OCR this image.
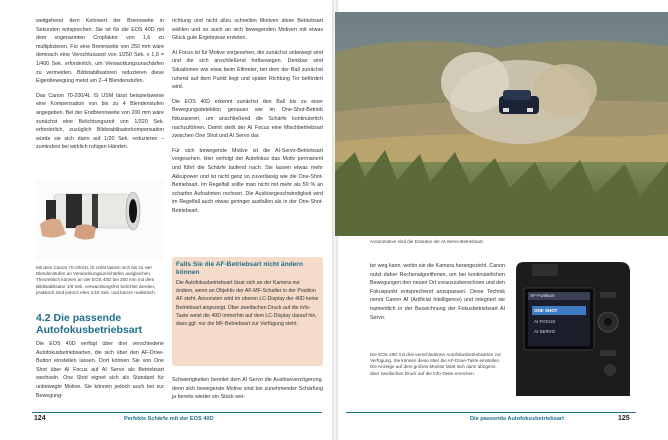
weitgehend dem Kehrwert der Brennweite in Sekunden entsprechen. Sie ist für die EOS 40D mit dem sogenannten Cropfaktor von 1,6 zu multiplizieren. Für eine Brennweite von 250 mm wäre demnach eine Verschlusszeit von 1/250 Sek. x 1,6 = 1/400 Sek. erforderlich, um Verwacklungsunschärfen zu vermeiden. Bildstabilisatoren reduzieren diese Eigenbewegung meist um 2–4 Blendenstufen.

Das Canon 70-200/4L IS USM lässt beispielsweise eine Kompensation von bis zu 4 Blendenstufen angegeben. Bei der Endbrennweite von 200 mm wäre zunächst eine Belichtungszeit von 1/320 Sek. erforderlich, zuzüglich Bildstabilisatorkompensation würde sie sich dann auf 1/20 Sek. reduzieren – zumindest bei wirklich ruhigen Händen.

Mit dem Canon 70-200/4L IS USM lassen sich bis zu vier Blendenstufen an Verwacklungsunschärfen ausgleichen. Theoretisch können an der EOS 40D bei 200 mm mit dem Bildstabilisator 1/8 Sek. verwacklungsfrei belichtet werden, praktisch sind jedoch eher 1/15 Sek. und kürzer realistisch.
4.2 Die passende Autofokusbetriebsart
Die EOS 40D verfügt über drei verschiedene Autofokusbetriebsarten, die sich über den AF-Drive-Button einstellen lassen. Dort können Sie von One Shot über AI Focus auf AI Servo als Betriebsart wechseln. One Shot eignet sich als Standard für unbewegte Motive. Sie können jedoch auch bei zur Bewegung-

richtung und nicht allzu schnellen Motiven diese Betriebsart wählen und so auch an sich bewegenden Motiven mit etwas Glück gute Ergebnisse erzielen.

AI Focus ist für Motive vorgesehen, die zunächst unbewegt sind und die sich anschließend fortbewegen. Denkbar sind Situationen wie etwa beim Elfmeter, bei dem der Ball zunächst ruhend auf dem Punkt liegt und später Richtung Tor befördert wird.

Die EOS 40D erkennt zunächst den Ball bis zu einer Bewegungsdetektion genauso wie im One-Shot-Betrieb fokussieren, um anschließend die Schärfe kontinuierlich nachzuführen. Damit stellt der AI Focus eine Mischbetriebsart zwischen One Shot und AI Servo dar.

Für sich bewegende Motive ist die AI-Servo-Betriebsart vorgesehen. Hier verfolgt der Autofokus das Motiv permanent und führt die Schärfe laufend nach. Sie lassen etwas mehr Akkupower und ist nicht ganz so zuverlässig wie die One-Shot-Betriebsart. Im Regelfall sollte man nicht mit mehr als 50 % an scharfen Aufnahmen rechnen. Die Auslösegeschwindigkeit wird im Regelfall auch etwas geringer ausfallen als in der One-Shot-Betriebsart.

Falls Sie die AF-Betriebsart nicht ändern können
Die Autofokusbetriebsart lässt sich an der Kamera nur ändern, wenn an Objektiv der AF-MF-Schalter in der Position AF steht. Ansonsten wird im oberen LC-Display der 40D keine Betriebsart angezeigt. Über zweifachen Druck auf die Info-Taste weist die 40D immerhin auf dem LC-Display darauf hin, dass ggf. nur die MF-Betriebsart zur Verfügung steht.
Schwierigkeiten bereitet dem AI Servo die Auslöseverzögerung, denn sich bewegende Motive sind bei zunehmender Schärfung ja bereits wieder ein Stück wei-
124	Perfekte Schärfe mit der EOS 40D
Actionmotive sind die Domäne der AI-Servo-Betriebsart.
ter weg kann, wohin sie die Kamera herangezieht. Canon nutzt daher Rechenalgorithmen, um bei kontinuierlichen Bewegungen den neuen Ort vorauszuberechnen und den Fokuspunkt entsprechend anzupassen. Diese Technik nennt Canon AI (Artificial Intelligence) und integriert sie namentlich in der Bezeichnung der Fokusbetriebsart AI Servo.
AF-Funktion
ONE SHOT
AI FOCUS
AI SERVO
Die EOS 40D mit drei verschiedenen Autofokusbetriebsarten zur Verfügung. Sie können diese über die AF-Drive-Taste einstellen. Die Anzeige auf dem großen Monitor lässt sich dann übrigens über zweifachen Druck auf die Info-Taste erreichen.
Die passende Autofokusbetriebsart	125
